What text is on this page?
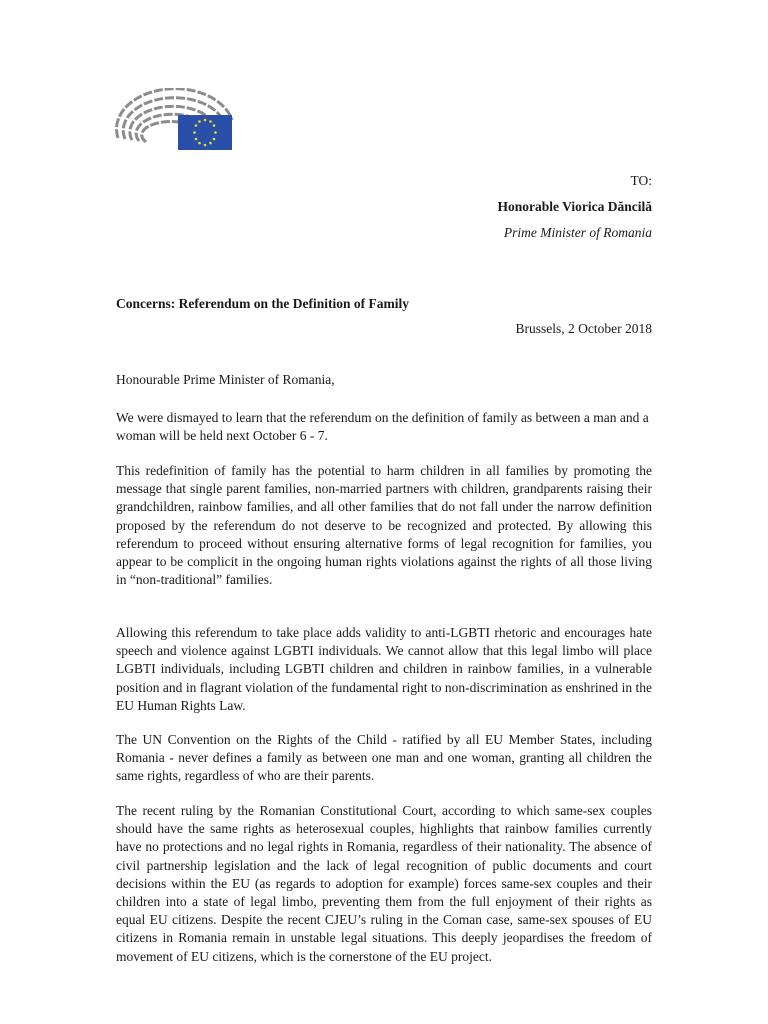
TO:
Honorable Viorica Dăncilă
Prime Minister of Romania
Concerns: Referendum on the Definition of Family
Brussels, 2 October 2018
Honourable Prime Minister of Romania,

We were dismayed to learn that the referendum on the definition of family as between a man and a woman will be held next October 6 - 7.

This redefinition of family has the potential to harm children in all families by promoting the message that single parent families, non-married partners with children, grandparents raising their grandchildren, rainbow families, and all other families that do not fall under the narrow definition proposed by the referendum do not deserve to be recognized and protected. By allowing this referendum to proceed without ensuring alternative forms of legal recognition for families, you appear to be complicit in the ongoing human rights violations against the rights of all those living in “non-traditional” families.

Allowing this referendum to take place adds validity to anti-LGBTI rhetoric and encourages hate speech and violence against LGBTI individuals. We cannot allow that this legal limbo will place LGBTI individuals, including LGBTI children and children in rainbow families, in a vulnerable position and in flagrant violation of the fundamental right to non-discrimination as enshrined in the EU Human Rights Law.

The UN Convention on the Rights of the Child - ratified by all EU Member States, including Romania - never defines a family as between one man and one woman, granting all children the same rights, regardless of who are their parents.

The recent ruling by the Romanian Constitutional Court, according to which same-sex couples should have the same rights as heterosexual couples, highlights that rainbow families currently have no protections and no legal rights in Romania, regardless of their nationality. The absence of civil partnership legislation and the lack of legal recognition of public documents and court decisions within the EU (as regards to adoption for example) forces same-sex couples and their children into a state of legal limbo, preventing them from the full enjoyment of their rights as equal EU citizens. Despite the recent CJEU’s ruling in the Coman case, same-sex spouses of EU citizens in Romania remain in unstable legal situations. This deeply jeopardises the freedom of movement of EU citizens, which is the cornerstone of the EU project.
